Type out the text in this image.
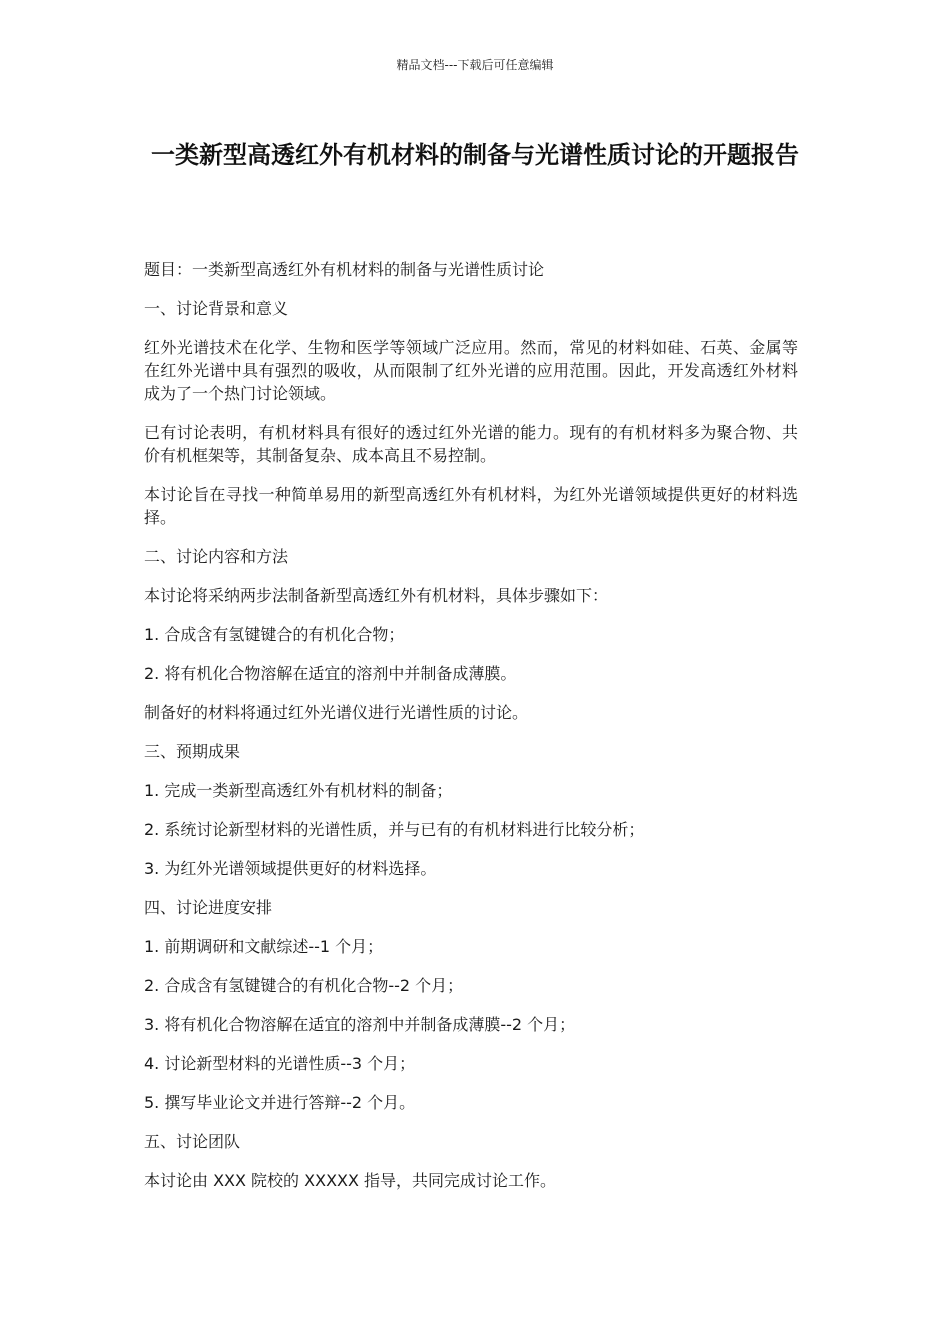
精品文档---下载后可任意编辑
一类新型高透红外有机材料的制备与光谱性质讨论的开题报告

题目：一类新型高透红外有机材料的制备与光谱性质讨论

一、讨论背景和意义

红外光谱技术在化学、生物和医学等领域广泛应用。然而，常见的材料如硅、石英、金属等在红外光谱中具有强烈的吸收，从而限制了红外光谱的应用范围。因此，开发高透红外材料成为了一个热门讨论领域。

已有讨论表明，有机材料具有很好的透过红外光谱的能力。现有的有机材料多为聚合物、共价有机框架等，其制备复杂、成本高且不易控制。

本讨论旨在寻找一种简单易用的新型高透红外有机材料，为红外光谱领域提供更好的材料选择。

二、讨论内容和方法

本讨论将采纳两步法制备新型高透红外有机材料，具体步骤如下：

1. 合成含有氢键键合的有机化合物；

2. 将有机化合物溶解在适宜的溶剂中并制备成薄膜。

制备好的材料将通过红外光谱仪进行光谱性质的讨论。

三、预期成果

1. 完成一类新型高透红外有机材料的制备；

2. 系统讨论新型材料的光谱性质，并与已有的有机材料进行比较分析；

3. 为红外光谱领域提供更好的材料选择。

四、讨论进度安排

1. 前期调研和文献综述--1 个月；

2. 合成含有氢键键合的有机化合物--2 个月；

3. 将有机化合物溶解在适宜的溶剂中并制备成薄膜--2 个月；

4. 讨论新型材料的光谱性质--3 个月；

5. 撰写毕业论文并进行答辩--2 个月。

五、讨论团队

本讨论由 XXX 院校的 XXXXX 指导，共同完成讨论工作。
